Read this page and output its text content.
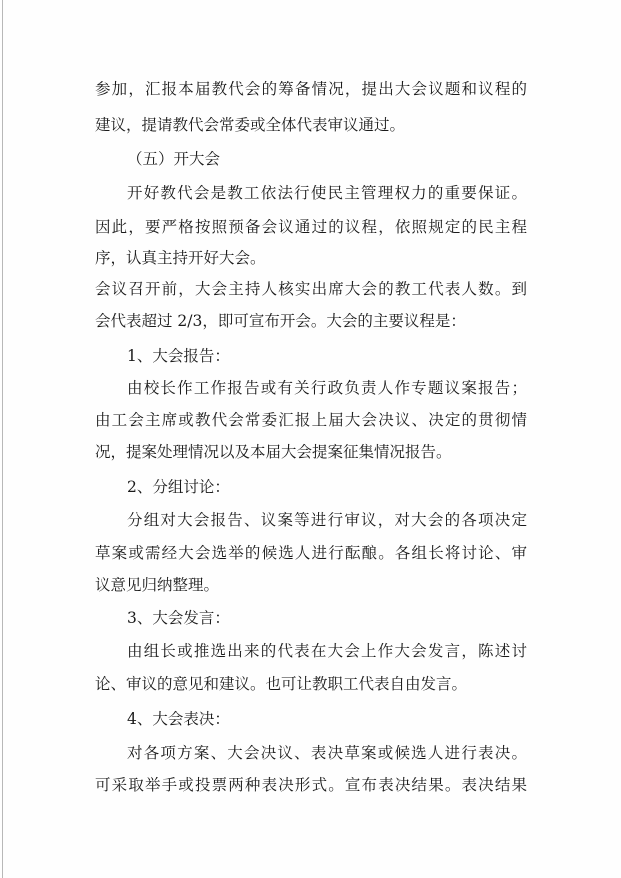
参加，汇报本届教代会的筹备情况，提出大会议题和议程的
建议，提请教代会常委或全体代表审议通过。
（五）开大会
开好教代会是教工依法行使民主管理权力的重要保证。
因此，要严格按照预备会议通过的议程，依照规定的民主程
序，认真主持开好大会。
会议召开前，大会主持人核实出席大会的教工代表人数。到
会代表超过 2/3，即可宣布开会。大会的主要议程是：
1、大会报告：
由校长作工作报告或有关行政负责人作专题议案报告；
由工会主席或教代会常委汇报上届大会决议、决定的贯彻情
况，提案处理情况以及本届大会提案征集情况报告。
2、分组讨论：
分组对大会报告、议案等进行审议，对大会的各项决定
草案或需经大会选举的候选人进行酝酿。各组长将讨论、审
议意见归纳整理。
3、大会发言：
由组长或推选出来的代表在大会上作大会发言，陈述讨
论、审议的意见和建议。也可让教职工代表自由发言。
4、大会表决：
对各项方案、大会决议、表决草案或候选人进行表决。
可采取举手或投票两种表决形式。宣布表决结果。表决结果
